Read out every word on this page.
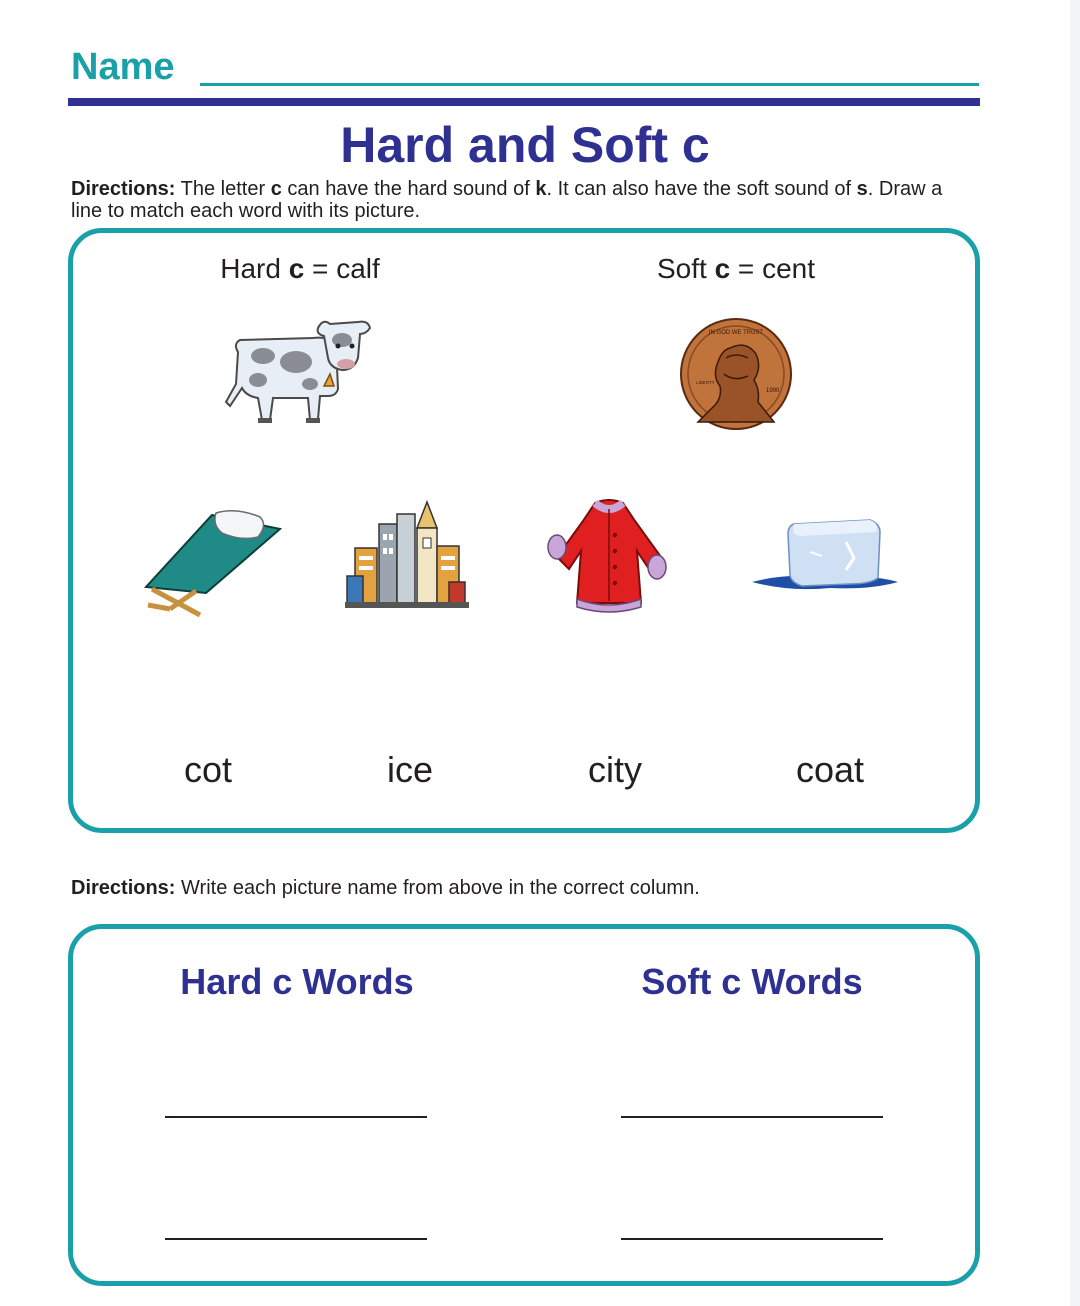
Name
Hard and Soft c
Directions: The letter c can have the hard sound of k. It can also have the soft sound of s. Draw a line to match each word with its picture.
Hard c = calf	Soft c = cent
IN GOD WE TRUST
LIBERTY
1990
cot	ice	city	coat
Directions: Write each picture name from above in the correct column.
Hard c Words	Soft c Words
